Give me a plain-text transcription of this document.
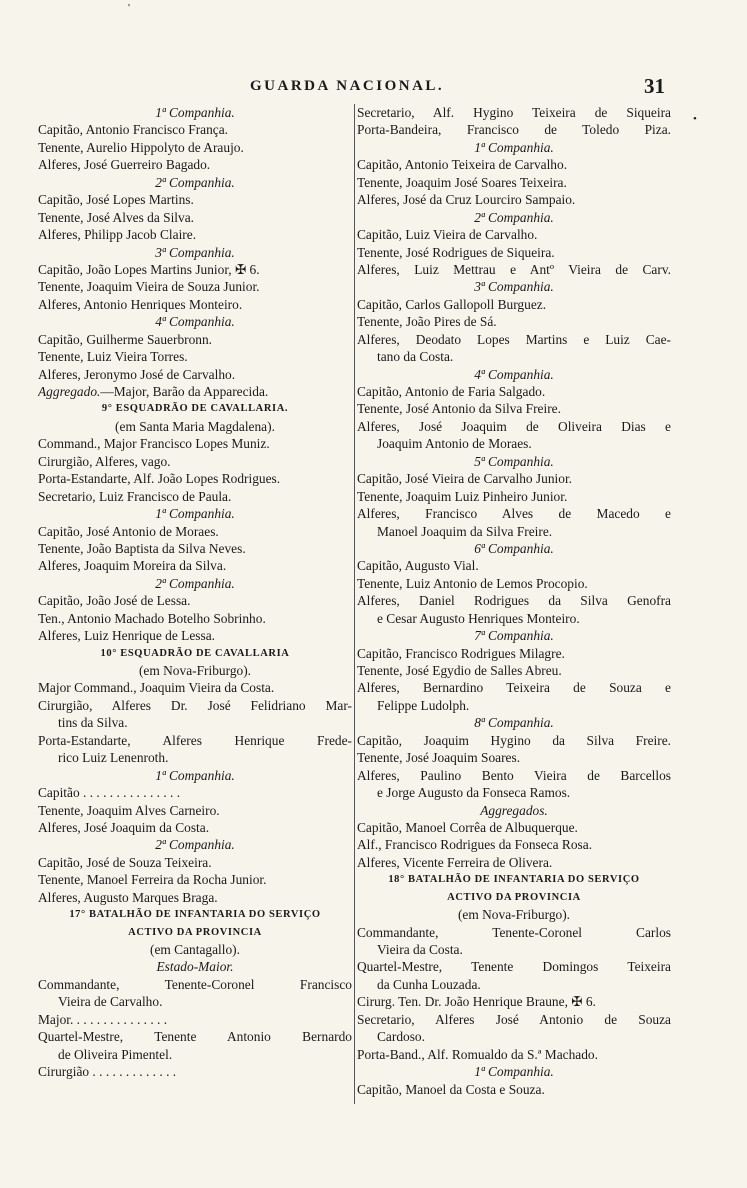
'
GUARDA NACIONAL.	31
•
1ª Companhia.
Capitão, Antonio Francisco França.
Tenente, Aurelio Hippolyto de Araujo.
Alferes, José Guerreiro Bagado.
2ª Companhia.
Capitão, José Lopes Martins.
Tenente, José Alves da Silva.
Alferes, Philipp Jacob Claire.
3ª Companhia.
Capitão, João Lopes Martins Junior, ✠ 6.
Tenente, Joaquim Vieira de Souza Junior.
Alferes, Antonio Henriques Monteiro.
4ª Companhia.
Capitão, Guilherme Sauerbronn.
Tenente, Luiz Vieira Torres.
Alferes, Jeronymo José de Carvalho.
Aggregado.—Major, Barão da Apparecida.
9° ESQUADRÃO DE CAVALLARIA.
(em Santa Maria Magdalena).
Command., Major Francisco Lopes Muniz.
Cirurgião, Alferes, vago.
Porta-Estandarte, Alf. João Lopes Rodrigues.
Secretario, Luiz Francisco de Paula.
1ª Companhia.
Capitão, José Antonio de Moraes.
Tenente, João Baptista da Silva Neves.
Alferes, Joaquim Moreira da Silva.
2ª Companhia.
Capitão, João José de Lessa.
Ten., Antonio Machado Botelho Sobrinho.
Alferes, Luiz Henrique de Lessa.
10° ESQUADRÃO DE CAVALLARIA
(em Nova-Friburgo).
Major Command., Joaquim Vieira da Costa.
Cirurgião, Alferes Dr. José Felidriano Mar-
tins da Silva.
Porta-Estandarte, Alferes Henrique Frede-
rico Luiz Lenenroth.
1ª Companhia.
Capitão . . . . . . . . . . . . . . .
Tenente, Joaquim Alves Carneiro.
Alferes, José Joaquim da Costa.
2ª Companhia.
Capitão, José de Souza Teixeira.
Tenente, Manoel Ferreira da Rocha Junior.
Alferes, Augusto Marques Braga.
17° BATALHÃO DE INFANTARIA DO SERVIÇO
ACTIVO DA PROVINCIA
(em Cantagallo).
Estado-Maior.
Commandante, Tenente-Coronel Francisco
Vieira de Carvalho.
Major. . . . . . . . . . . . . . .
Quartel-Mestre, Tenente Antonio Bernardo
de Oliveira Pimentel.
Cirurgião . . . . . . . . . . . . .
Secretario, Alf. Hygino Teixeira de Siqueira
Porta-Bandeira, Francisco de Toledo Piza.
1ª Companhia.
Capitão, Antonio Teixeira de Carvalho.
Tenente, Joaquim José Soares Teixeira.
Alferes, José da Cruz Lourciro Sampaio.
2ª Companhia.
Capitão, Luiz Vieira de Carvalho.
Tenente, José Rodrigues de Siqueira.
Alferes, Luiz Mettrau e Antº Vieira de Carv.
3ª Companhia.
Capitão, Carlos Gallopoll Burguez.
Tenente, João Pires de Sá.
Alferes, Deodato Lopes Martins e Luiz Cae-
tano da Costa.
4ª Companhia.
Capitão, Antonio de Faria Salgado.
Tenente, José Antonio da Silva Freire.
Alferes, José Joaquim de Oliveira Dias e
Joaquim Antonio de Moraes.
5ª Companhia.
Capitão, José Vieira de Carvalho Junior.
Tenente, Joaquim Luiz Pinheiro Junior.
Alferes, Francisco Alves de Macedo e
Manoel Joaquim da Silva Freire.
6ª Companhia.
Capitão, Augusto Vial.
Tenente, Luiz Antonio de Lemos Procopio.
Alferes, Daniel Rodrigues da Silva Genofra
e Cesar Augusto Henriques Monteiro.
7ª Companhia.
Capitão, Francisco Rodrigues Milagre.
Tenente, José Egydio de Salles Abreu.
Alferes, Bernardino Teixeira de Souza e
Felippe Ludolph.
8ª Companhia.
Capitão, Joaquim Hygino da Silva Freire.
Tenente, José Joaquim Soares.
Alferes, Paulino Bento Vieira de Barcellos
e Jorge Augusto da Fonseca Ramos.
Aggregados.
Capitão, Manoel Corrêa de Albuquerque.
Alf., Francisco Rodrigues da Fonseca Rosa.
Alferes, Vicente Ferreira de Olivera.
18° BATALHÃO DE INFANTARIA DO SERVIÇO
ACTIVO DA PROVINCIA
(em Nova-Friburgo).
Commandante, Tenente-Coronel Carlos
Vieira da Costa.
Quartel-Mestre, Tenente Domingos Teixeira
da Cunha Louzada.
Cirurg. Ten. Dr. João Henrique Braune, ✠ 6.
Secretario, Alferes José Antonio de Souza
Cardoso.
Porta-Band., Alf. Romualdo da S.ª Machado.
1ª Companhia.
Capitão, Manoel da Costa e Souza.
